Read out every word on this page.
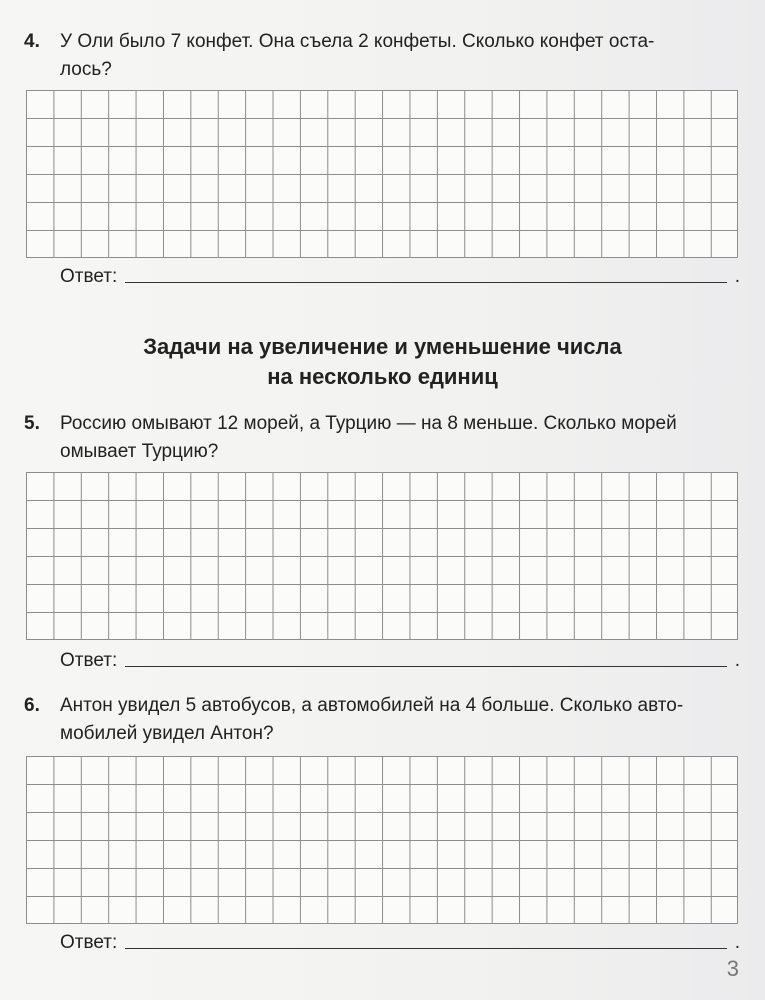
4.	У Оли было 7 конфет. Она съела 2 конфеты. Сколько конфет оста-
лось?
Ответ:	.
Задачи на увеличение и уменьшение числа
на несколько единиц
5.	Россию омывают 12 морей, а Турцию — на 8 меньше. Сколько морей
омывает Турцию?
Ответ:	.
6.	Антон увидел 5 автобусов, а автомобилей на 4 больше. Сколько авто-
мобилей увидел Антон?
Ответ:	.
3
